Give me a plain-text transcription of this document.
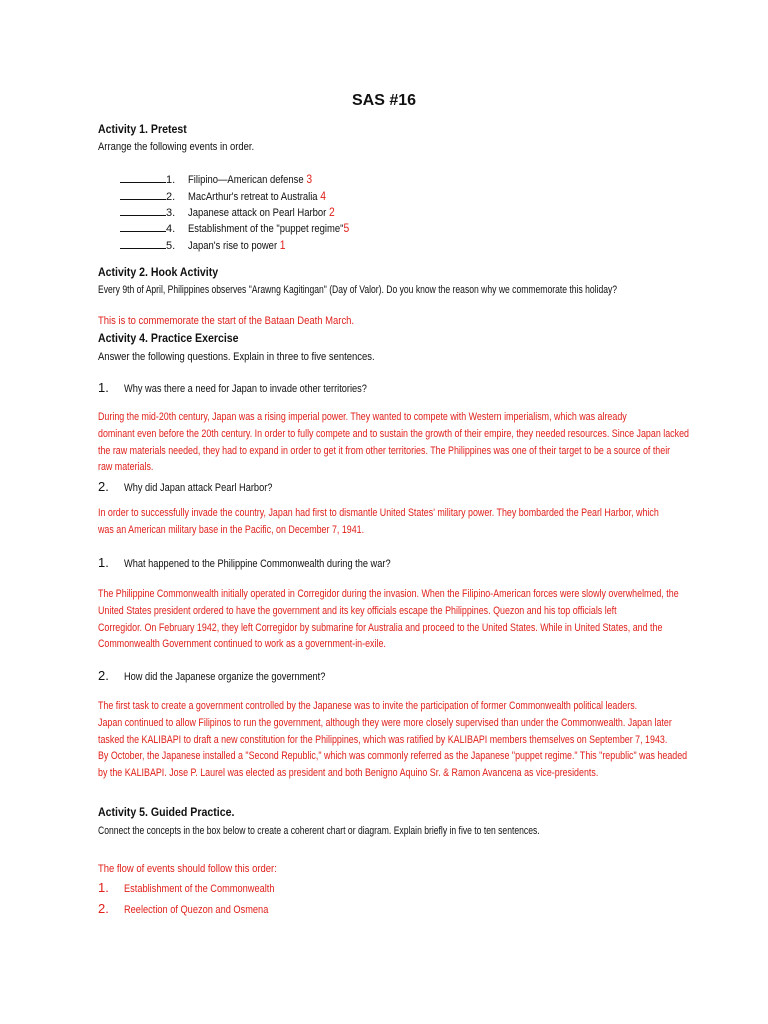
SAS #16
Activity 1. Pretest
Arrange the following events in order.
1. Filipino—American defense 3
2. MacArthur's retreat to Australia 4
3. Japanese attack on Pearl Harbor 2
4. Establishment of the "puppet regime"5
5. Japan's rise to power 1
Activity 2. Hook Activity
Every 9th of April, Philippines observes "Arawng Kagitingan" (Day of Valor). Do you know the reason why we commemorate this holiday?
This is to commemorate the start of the Bataan Death March.
Activity 4. Practice Exercise
Answer the following questions. Explain in three to five sentences.
1. Why was there a need for Japan to invade other territories?
During the mid-20th century, Japan was a rising imperial power. They wanted to compete with Western imperialism, which was already
dominant even before the 20th century. In order to fully compete and to sustain the growth of their empire, they needed resources. Since Japan lacked
the raw materials needed, they had to expand in order to get it from other territories. The Philippines was one of their target to be a source of their
raw materials.
2. Why did Japan attack Pearl Harbor?
In order to successfully invade the country, Japan had first to dismantle United States' military power. They bombarded the Pearl Harbor, which
was an American military base in the Pacific, on December 7, 1941.
1. What happened to the Philippine Commonwealth during the war?
The Philippine Commonwealth initially operated in Corregidor during the invasion. When the Filipino-American forces were slowly overwhelmed, the
United States president ordered to have the government and its key officials escape the Philippines. Quezon and his top officials left
Corregidor. On February 1942, they left Corregidor by submarine for Australia and proceed to the United States. While in United States, and the
Commonwealth Government continued to work as a government-in-exile.
2. How did the Japanese organize the government?
The first task to create a government controlled by the Japanese was to invite the participation of former Commonwealth political leaders.
Japan continued to allow Filipinos to run the government, although they were more closely supervised than under the Commonwealth. Japan later
tasked the KALIBAPI to draft a new constitution for the Philippines, which was ratified by KALIBAPI members themselves on September 7, 1943.
By October, the Japanese installed a "Second Republic," which was commonly referred as the Japanese "puppet regime." This "republic" was headed
by the KALIBAPI. Jose P. Laurel was elected as president and both Benigno Aquino Sr. & Ramon Avancena as vice-presidents.
Activity 5. Guided Practice.
Connect the concepts in the box below to create a coherent chart or diagram. Explain briefly in five to ten sentences.
The flow of events should follow this order:
1. Establishment of the Commonwealth
2. Reelection of Quezon and Osmena
